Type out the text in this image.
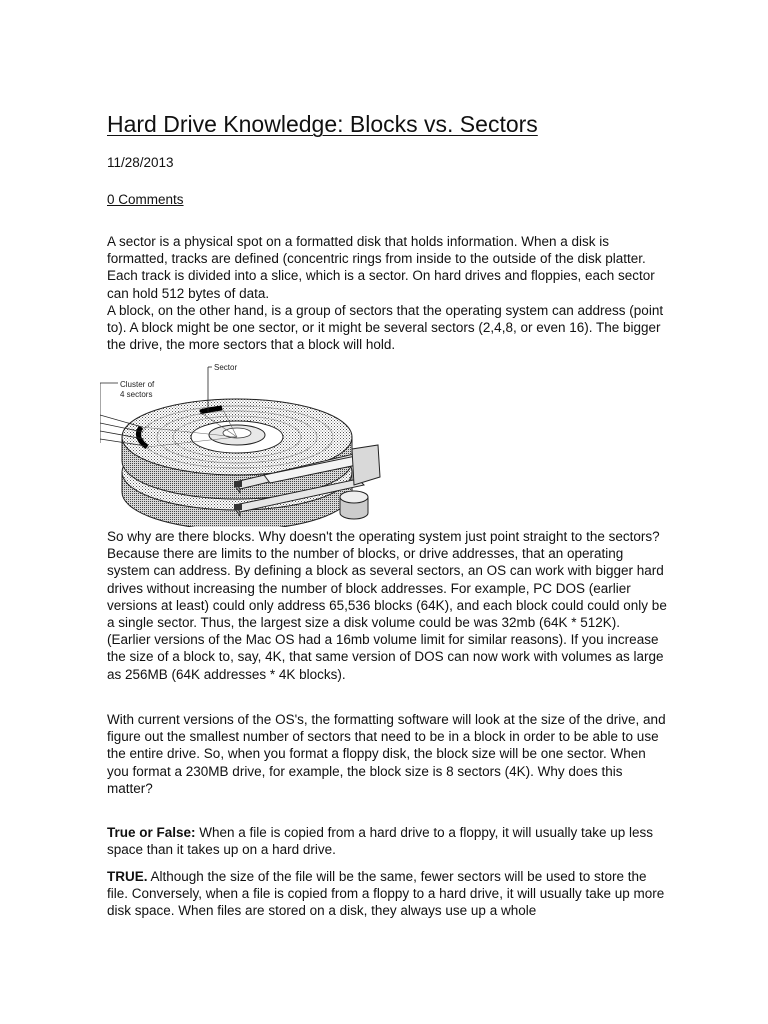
Hard Drive Knowledge: Blocks vs. Sectors
11/28/2013
0 Comments

A sector is a physical spot on a formatted disk that holds information. When a disk is formatted, tracks are defined (concentric rings from inside to the outside of the disk platter. Each track is divided into a slice, which is a sector. On hard drives and floppies, each sector can hold 512 bytes of data.

A block, on the other hand, is a group of sectors that the operating system can address (point to). A block might be one sector, or it might be several sectors (2,4,8, or even 16). The bigger the drive, the more sectors that a block will hold.

So why are there blocks. Why doesn't the operating system just point straight to the sectors? Because there are limits to the number of blocks, or drive addresses, that an operating system can address. By defining a block as several sectors, an OS can work with bigger hard drives without increasing the number of block addresses. For example, PC DOS (earlier versions at least) could only address 65,536 blocks (64K), and each block could could only be a single sector. Thus, the largest size a disk volume could be was 32mb (64K * 512K). (Earlier versions of the Mac OS had a 16mb volume limit for similar reasons). If you increase the size of a block to, say, 4K, that same version of DOS can now work with volumes as large as 256MB (64K addresses * 4K blocks).

With current versions of the OS's, the formatting software will look at the size of the drive, and figure out the smallest number of sectors that need to be in a block in order to be able to use the entire drive. So, when you format a floppy disk, the block size will be one sector. When you format a 230MB drive, for example, the block size is 8 sectors (4K). Why does this matter?

True or False: When a file is copied from a hard drive to a floppy, it will usually take up less space than it takes up on a hard drive.

TRUE. Although the size of the file will be the same, fewer sectors will be used to store the file. Conversely, when a file is copied from a floppy to a hard drive, it will usually take up more disk space. When files are stored on a disk, they always use up a whole

Sector
Cluster of
4 sectors
